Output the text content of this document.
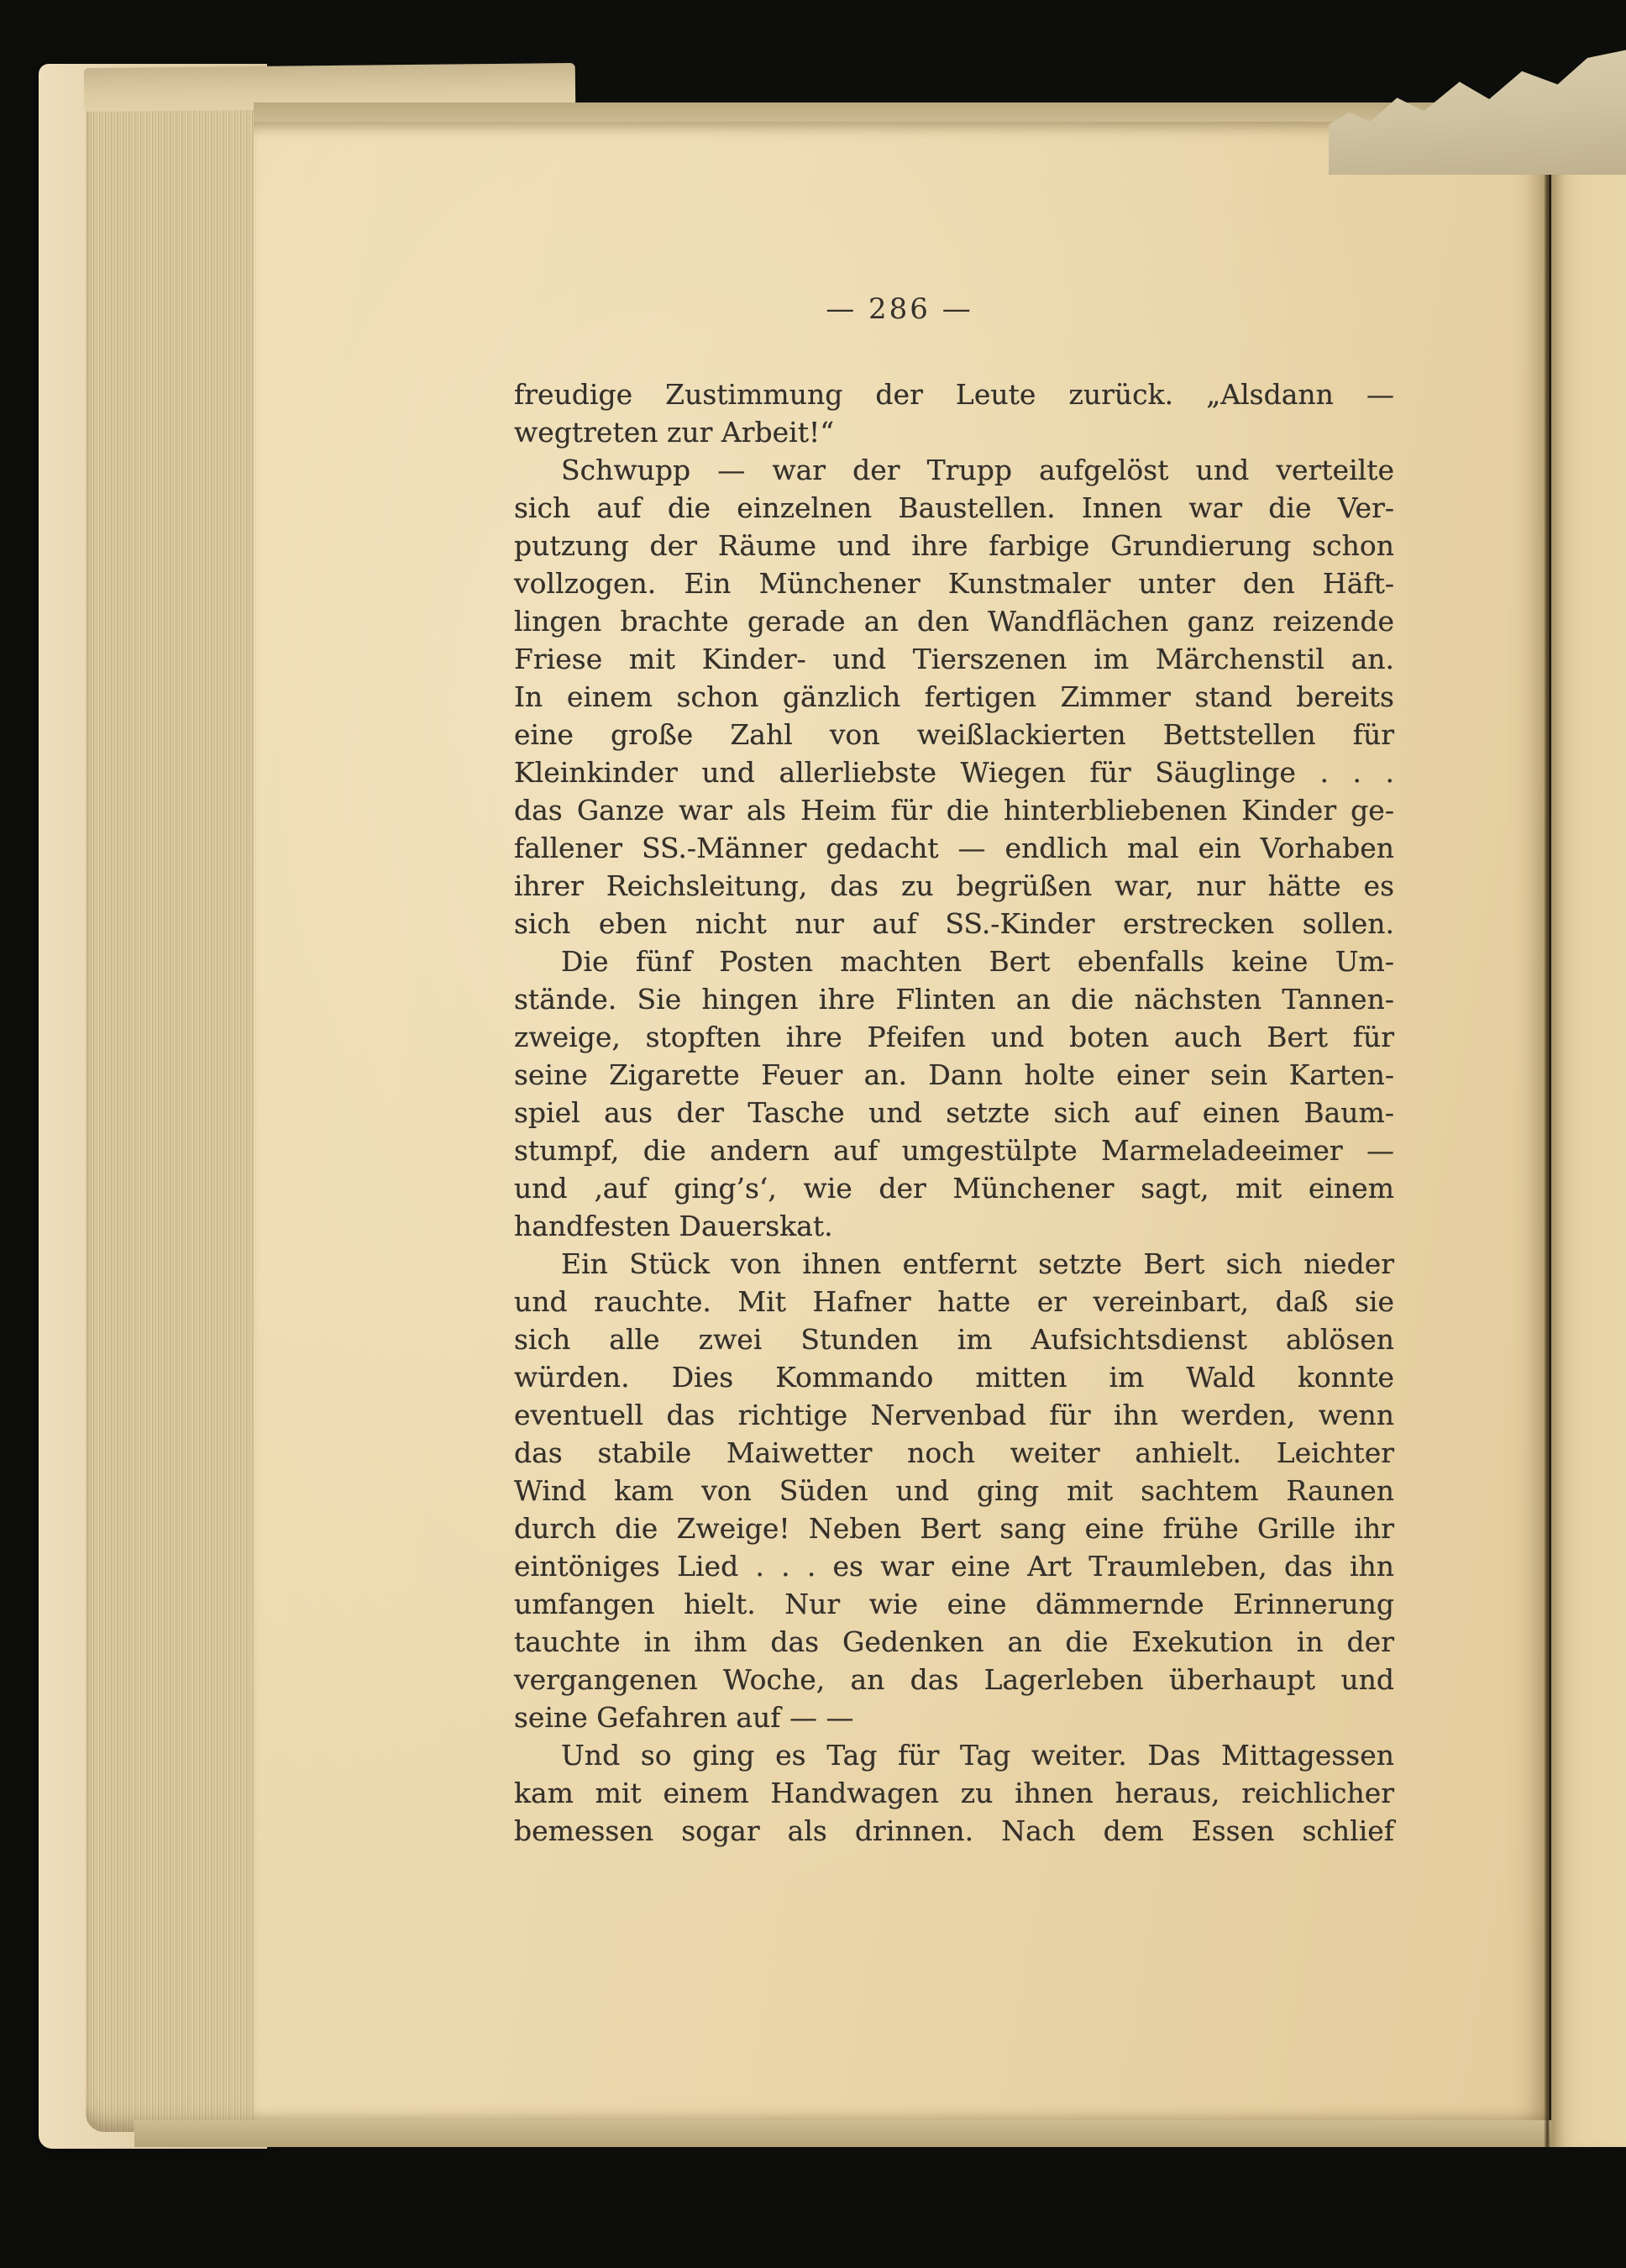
— 286 —
freudige Zustimmung der Leute zurück. „Alsdann —
wegtreten zur Arbeit!“
Schwupp — war der Trupp aufgelöst und verteilte
sich auf die einzelnen Baustellen. Innen war die Ver-
putzung der Räume und ihre farbige Grundierung schon
vollzogen. Ein Münchener Kunstmaler unter den Häft-
lingen brachte gerade an den Wandflächen ganz reizende
Friese mit Kinder- und Tierszenen im Märchenstil an.
In einem schon gänzlich fertigen Zimmer stand bereits
eine große Zahl von weißlackierten Bettstellen für
Kleinkinder und allerliebste Wiegen für Säuglinge . . .
das Ganze war als Heim für die hinterbliebenen Kinder ge-
fallener SS.-Männer gedacht — endlich mal ein Vorhaben
ihrer Reichsleitung, das zu begrüßen war, nur hätte es
sich eben nicht nur auf SS.-Kinder erstrecken sollen.
Die fünf Posten machten Bert ebenfalls keine Um-
stände. Sie hingen ihre Flinten an die nächsten Tannen-
zweige, stopften ihre Pfeifen und boten auch Bert für
seine Zigarette Feuer an. Dann holte einer sein Karten-
spiel aus der Tasche und setzte sich auf einen Baum-
stumpf, die andern auf umgestülpte Marmeladeeimer —
und ‚auf ging’s‘, wie der Münchener sagt, mit einem
handfesten Dauerskat.
Ein Stück von ihnen entfernt setzte Bert sich nieder
und rauchte. Mit Hafner hatte er vereinbart, daß sie
sich alle zwei Stunden im Aufsichtsdienst ablösen
würden. Dies Kommando mitten im Wald konnte
eventuell das richtige Nervenbad für ihn werden, wenn
das stabile Maiwetter noch weiter anhielt. Leichter
Wind kam von Süden und ging mit sachtem Raunen
durch die Zweige! Neben Bert sang eine frühe Grille ihr
eintöniges Lied . . . es war eine Art Traumleben, das ihn
umfangen hielt. Nur wie eine dämmernde Erinnerung
tauchte in ihm das Gedenken an die Exekution in der
vergangenen Woche, an das Lagerleben überhaupt und
seine Gefahren auf — —
Und so ging es Tag für Tag weiter. Das Mittagessen
kam mit einem Handwagen zu ihnen heraus, reichlicher
bemessen sogar als drinnen. Nach dem Essen schlief
